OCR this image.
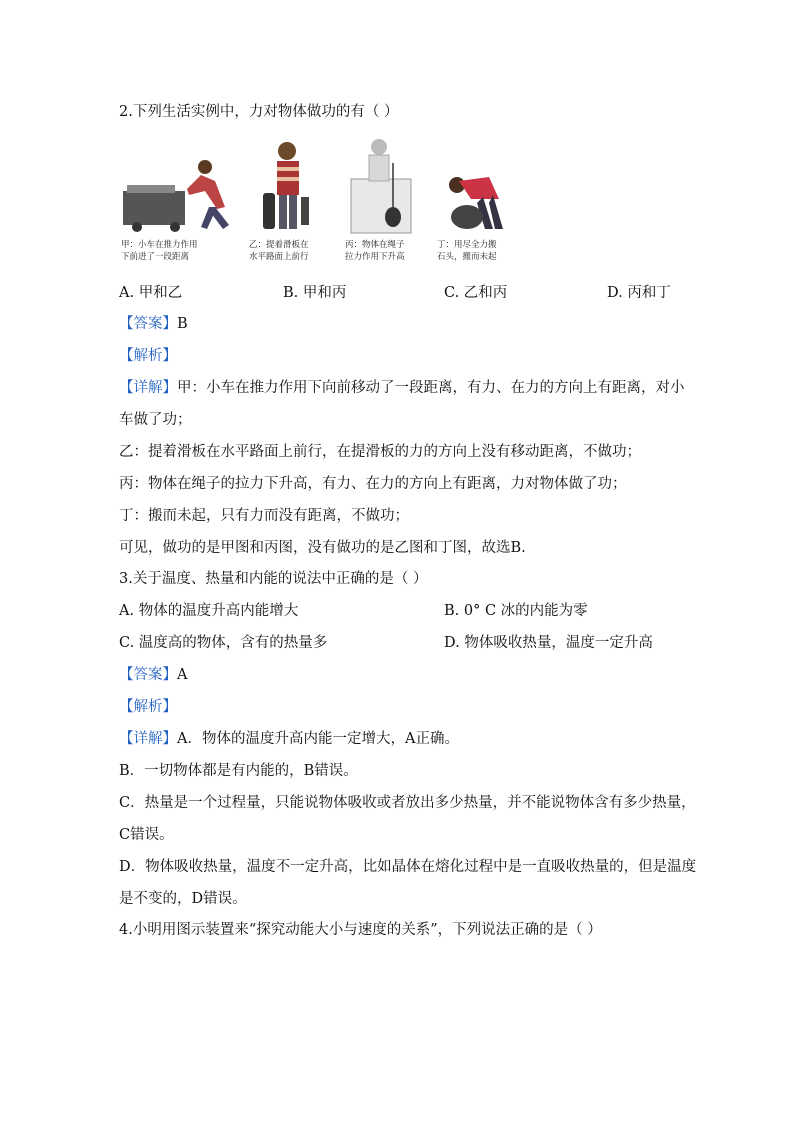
2.下列生活实例中，力对物体做功的有（ ）
甲：小车在推力作用
下前进了一段距离
乙：提着滑板在
水平路面上前行
丙：物体在绳子
拉力作用下升高
丁：用尽全力搬
石头，搬而未起
A. 甲和乙	B. 甲和丙	C. 乙和丙	D. 丙和丁
【答案】B
【解析】
【详解】甲：小车在推力作用下向前移动了一段距离，有力、在力的方向上有距离，对小
车做了功；
乙：提着滑板在水平路面上前行，在提滑板的力的方向上没有移动距离，不做功；
丙：物体在绳子的拉力下升高，有力、在力的方向上有距离，力对物体做了功；
丁：搬而未起，只有力而没有距离，不做功；
可见，做功的是甲图和丙图，没有做功的是乙图和丁图，故选B.
3.关于温度、热量和内能的说法中正确的是（ ）
A. 物体的温度升高内能增大	B. 0° C 冰的内能为零
C. 温度高的物体，含有的热量多	D. 物体吸收热量，温度一定升高
【答案】A
【解析】
【详解】A．物体的温度升高内能一定增大，A正确。
B．一切物体都是有内能的，B错误。
C．热量是一个过程量，只能说物体吸收或者放出多少热量，并不能说物体含有多少热量，
C错误。
D．物体吸收热量，温度不一定升高，比如晶体在熔化过程中是一直吸收热量的，但是温度
是不变的，D错误。
4.小明用图示装置来“探究动能大小与速度的关系”，下列说法正确的是（ ）
